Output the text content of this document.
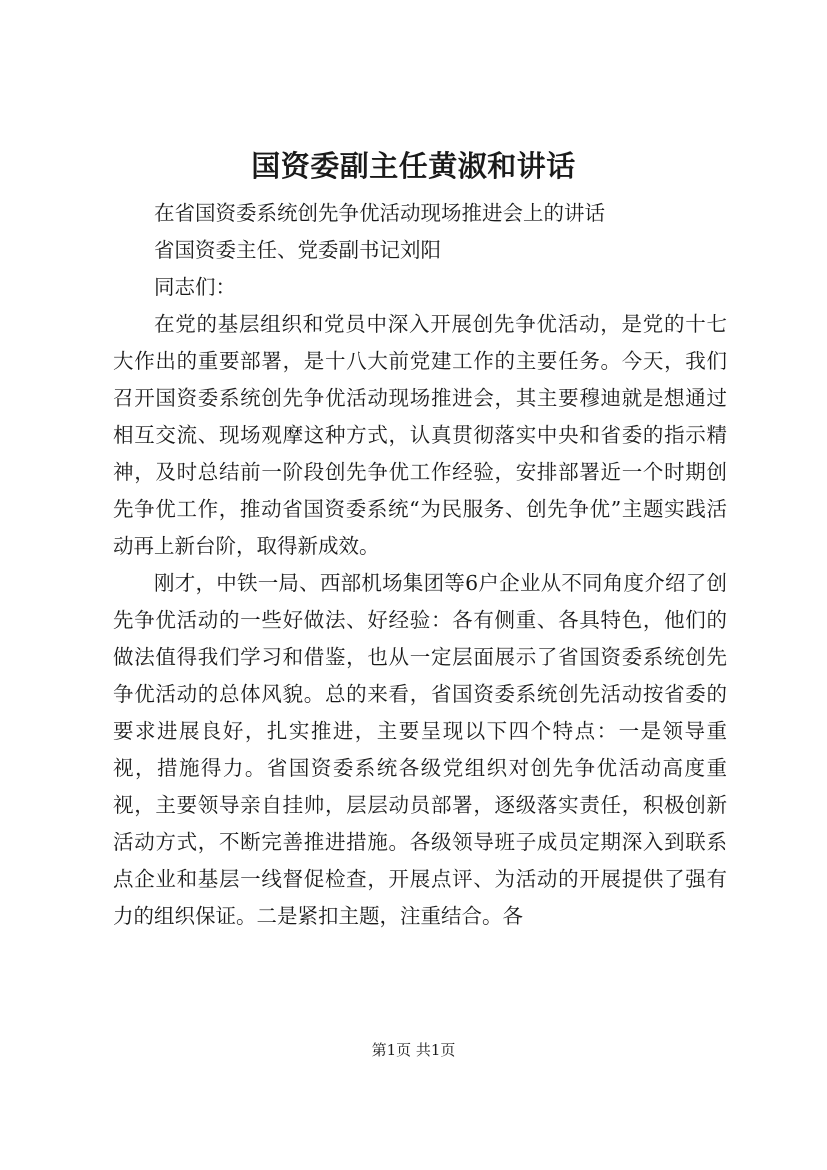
国资委副主任黄淑和讲话

在省国资委系统创先争优活动现场推进会上的讲话

省国资委主任、党委副书记刘阳

同志们：

在党的基层组织和党员中深入开展创先争优活动，是党的十七大作出的重要部署，是十八大前党建工作的主要任务。今天，我们召开国资委系统创先争优活动现场推进会，其主要穆迪就是想通过相互交流、现场观摩这种方式，认真贯彻落实中央和省委的指示精神，及时总结前一阶段创先争优工作经验，安排部署近一个时期创先争优工作，推动省国资委系统“为民服务、创先争优”主题实践活动再上新台阶，取得新成效。

刚才，中铁一局、西部机场集团等6户企业从不同角度介绍了创先争优活动的一些好做法、好经验：各有侧重、各具特色，他们的做法值得我们学习和借鉴，也从一定层面展示了省国资委系统创先争优活动的总体风貌。总的来看，省国资委系统创先活动按省委的要求进展良好，扎实推进，主要呈现以下四个特点：一是领导重视，措施得力。省国资委系统各级党组织对创先争优活动高度重视，主要领导亲自挂帅，层层动员部署，逐级落实责任，积极创新活动方式，不断完善推进措施。各级领导班子成员定期深入到联系点企业和基层一线督促检查，开展点评、为活动的开展提供了强有力的组织保证。二是紧扣主题，注重结合。各

第1页 共1页
